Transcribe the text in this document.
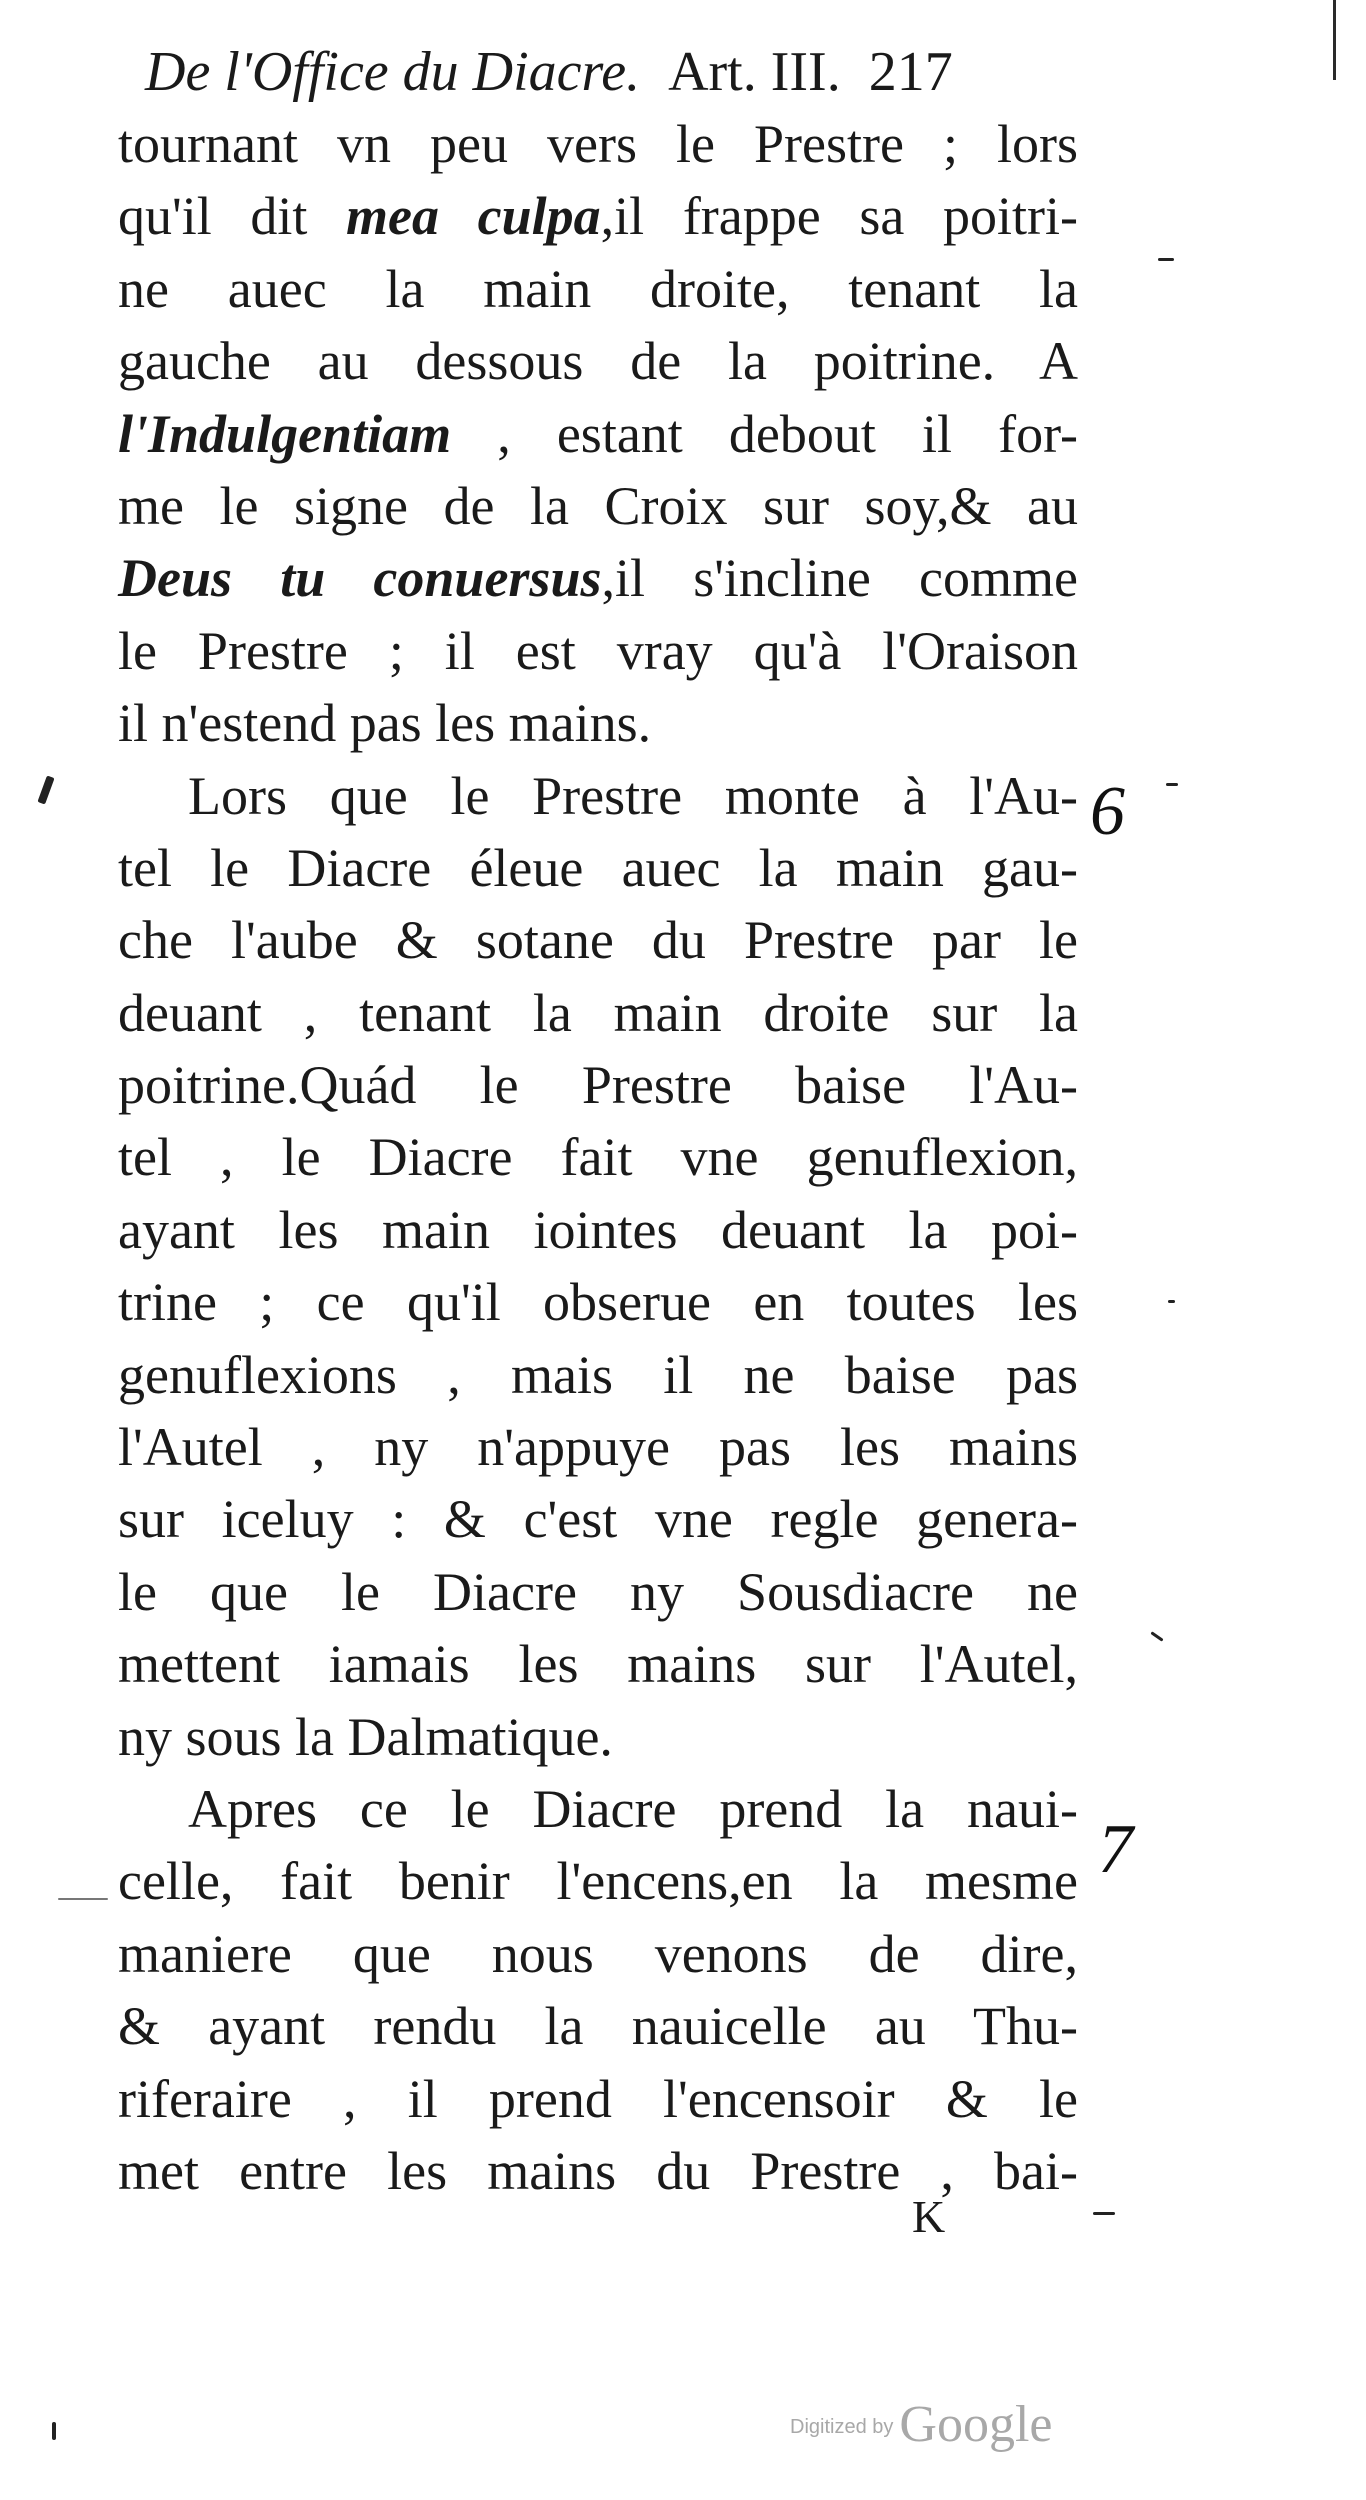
De l'Office du Diacre. Art. III. 217
tournant vn peu vers le Prestre ; lors
qu'il dit mea culpa,il frappe sa poitri-
ne auec la main droite, tenant la
gauche au dessous de la poitrine. A
l'Indulgentiam , estant debout il for-
me le signe de la Croix sur soy,& au
Deus tu conuersus,il s'incline comme
le Prestre ; il est vray qu'à l'Oraison
il n'estend pas les mains.
Lors que le Prestre monte à l'Au-
tel le Diacre éleue auec la main gau-
che l'aube & sotane du Prestre par le
deuant , tenant la main droite sur la
poitrine.Quád le Prestre baise l'Au-
tel , le Diacre fait vne genuflexion,
ayant les main iointes deuant la poi-
trine ; ce qu'il obserue en toutes les
genuflexions , mais il ne baise pas
l'Autel , ny n'appuye pas les mains
sur iceluy : & c'est vne regle genera-
le que le Diacre ny Sousdiacre ne
mettent iamais les mains sur l'Autel,
ny sous la Dalmatique.
Apres ce le Diacre prend la naui-
celle, fait benir l'encens,en la mesme
maniere que nous venons de dire,
& ayant rendu la nauicelle au Thu-
riferaire , il prend l'encensoir & le
met entre les mains du Prestre , bai-
6
7
K
Digitized by Google
